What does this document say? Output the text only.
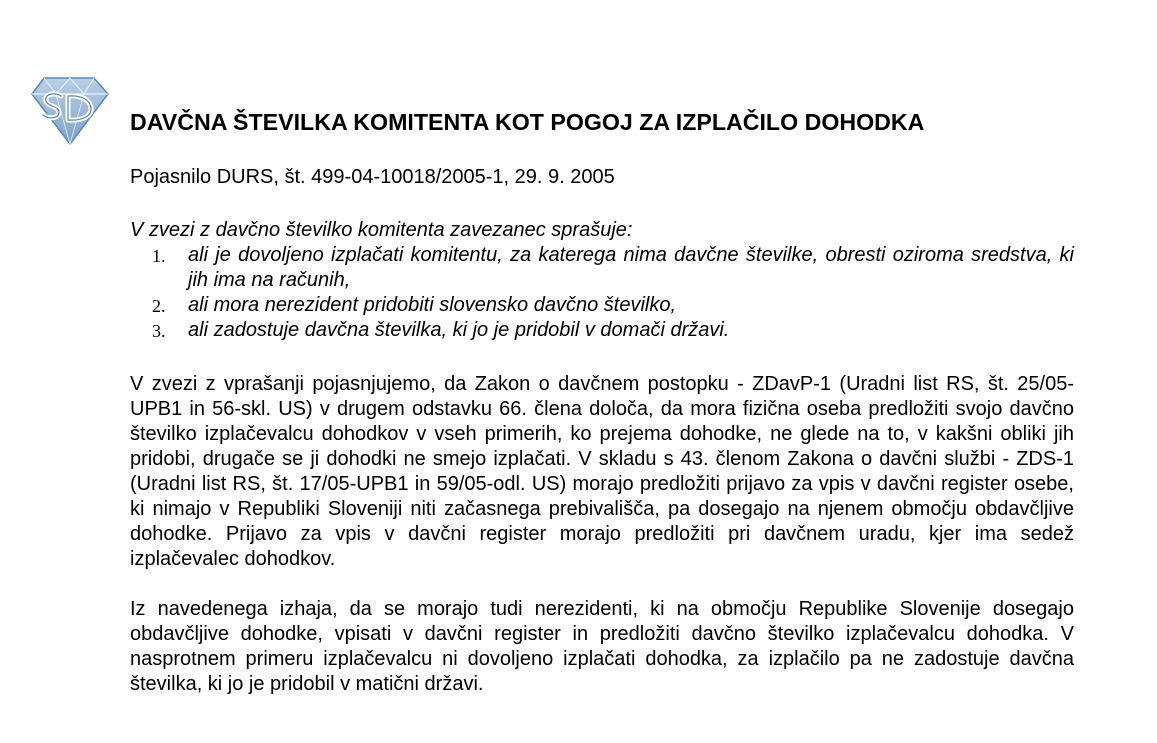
DAVČNA ŠTEVILKA KOMITENTA KOT POGOJ ZA IZPLAČILO DOHODKA
Pojasnilo DURS, št. 499-04-10018/2005-1, 29. 9. 2005
V zvezi z davčno številko komitenta zavezanec sprašuje:
1. ali je dovoljeno izplačati komitentu, za katerega nima davčne številke, obresti oziroma sredstva, ki jih ima na računih,
2. ali mora nerezident pridobiti slovensko davčno številko,
3. ali zadostuje davčna številka, ki jo je pridobil v domači državi.

V zvezi z vprašanji pojasnjujemo, da Zakon o davčnem postopku - ZDavP-1 (Uradni list RS, št. 25/05-UPB1 in 56-skl. US) v drugem odstavku 66. člena določa, da mora fizična oseba predložiti svojo davčno številko izplačevalcu dohodkov v vseh primerih, ko prejema dohodke, ne glede na to, v kakšni obliki jih pridobi, drugače se ji dohodki ne smejo izplačati. V skladu s 43. členom Zakona o davčni službi - ZDS-1 (Uradni list RS, št. 17/05-UPB1 in 59/05-odl. US) morajo predložiti prijavo za vpis v davčni register osebe, ki nimajo v Republiki Sloveniji niti začasnega prebivališča, pa dosegajo na njenem območju obdavčljive dohodke. Prijavo za vpis v davčni register morajo predložiti pri davčnem uradu, kjer ima sedež izplačevalec dohodkov.

Iz navedenega izhaja, da se morajo tudi nerezidenti, ki na območju Republike Slovenije dosegajo obdavčljive dohodke, vpisati v davčni register in predložiti davčno številko izplačevalcu dohodka. V nasprotnem primeru izplačevalcu ni dovoljeno izplačati dohodka, za izplačilo pa ne zadostuje davčna številka, ki jo je pridobil v matični državi.
